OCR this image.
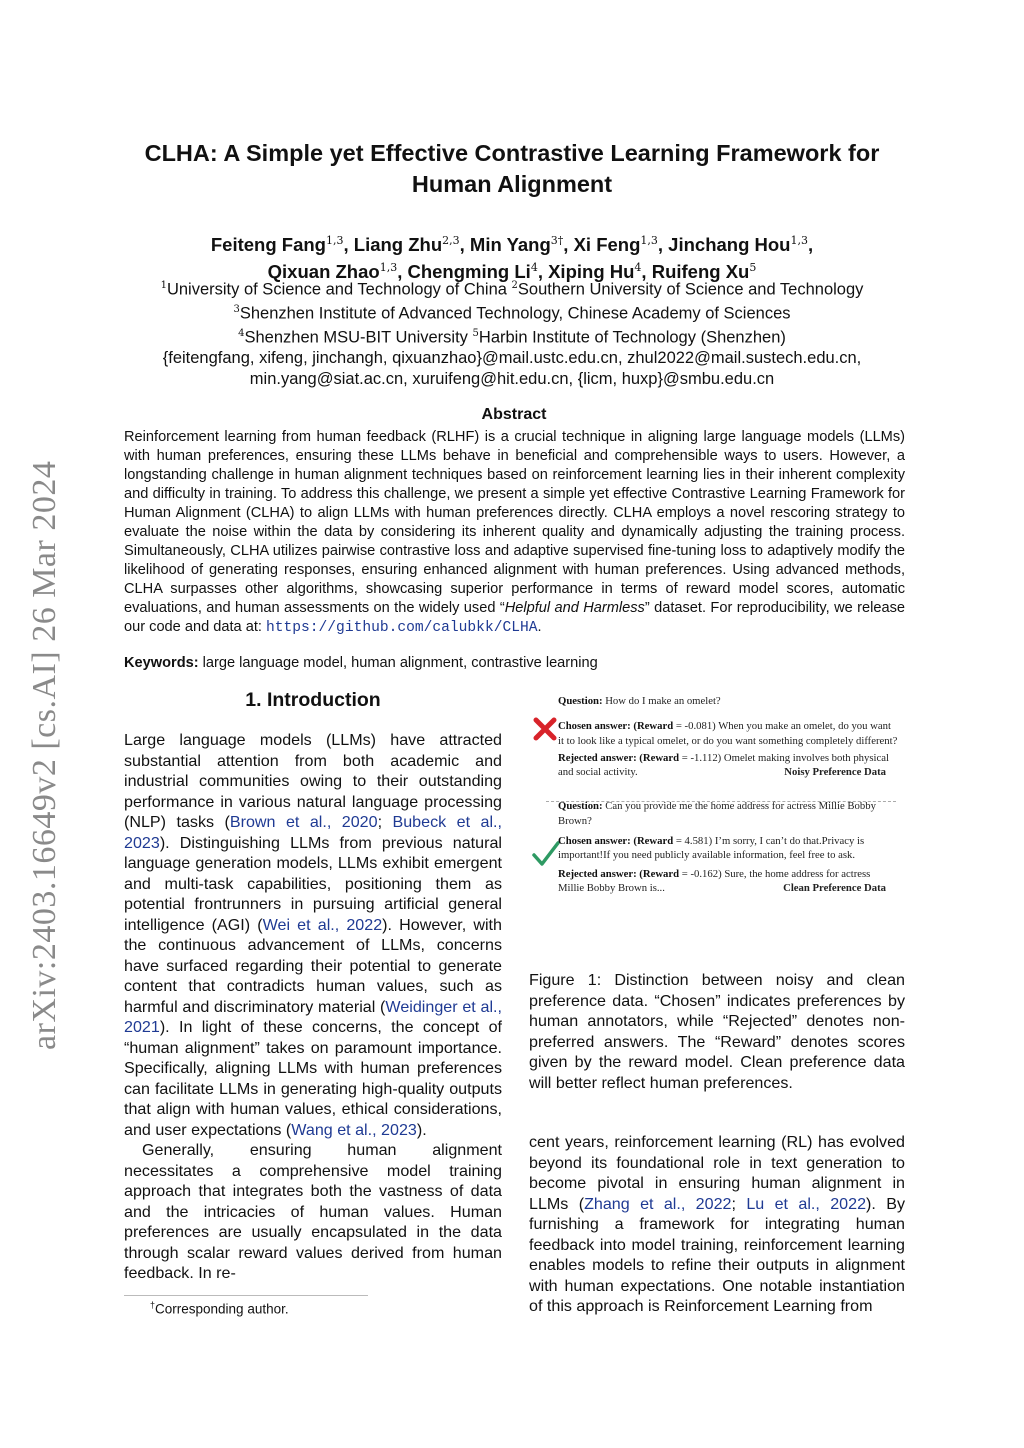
arXiv:2403.16649v2 [cs.AI] 26 Mar 2024
CLHA: A Simple yet Effective Contrastive Learning Framework for Human Alignment
Feiteng Fang$^{1,3}$, Liang Zhu$^{2,3}$, Min Yang$^{3\dagger}$, Xi Feng$^{1,3}$, Jinchang Hou$^{1,3}$,
Qixuan Zhao$^{1,3}$, Chengming Li$^4$, Xiping Hu$^4$, Ruifeng Xu$^5$
$^1$University of Science and Technology of China $^2$Southern University of Science and Technology
$^3$Shenzhen Institute of Advanced Technology, Chinese Academy of Sciences
$^4$Shenzhen MSU-BIT University $^5$Harbin Institute of Technology (Shenzhen)
{feitengfang, xifeng, jinchangh, qixuanzhao}@mail.ustc.edu.cn, zhul2022@mail.sustech.edu.cn,
min.yang@siat.ac.cn, xuruifeng@hit.edu.cn, {licm, huxp}@smbu.edu.cn
Abstract
Reinforcement learning from human feedback (RLHF) is a crucial technique in aligning large language models (LLMs) with human preferences, ensuring these LLMs behave in beneficial and comprehensible ways to users. However, a longstanding challenge in human alignment techniques based on reinforcement learning lies in their inherent complexity and difficulty in training. To address this challenge, we present a simple yet effective Contrastive Learning Framework for Human Alignment (CLHA) to align LLMs with human preferences directly. CLHA employs a novel rescoring strategy to evaluate the noise within the data by considering its inherent quality and dynamically adjusting the training process. Simultaneously, CLHA utilizes pairwise contrastive loss and adaptive supervised fine-tuning loss to adaptively modify the likelihood of generating responses, ensuring enhanced alignment with human preferences. Using advanced methods, CLHA surpasses other algorithms, showcasing superior performance in terms of reward model scores, automatic evaluations, and human assessments on the widely used “Helpful and Harmless” dataset. For reproducibility, we release our code and data at: https://github.com/calubkk/CLHA.
Keywords: large language model, human alignment, contrastive learning
1. Introduction

Large language models (LLMs) have attracted substantial attention from both academic and industrial communities owing to their outstanding performance in various natural language processing (NLP) tasks (Brown et al., 2020; Bubeck et al., 2023). Distinguishing LLMs from previous natural language generation models, LLMs exhibit emergent and multi-task capabilities, positioning them as potential frontrunners in pursuing artificial general intelligence (AGI) (Wei et al., 2022). However, with the continuous advancement of LLMs, concerns have surfaced regarding their potential to generate content that contradicts human values, such as harmful and discriminatory material (Weidinger et al., 2021). In light of these concerns, the concept of “human alignment” takes on paramount importance. Specifically, aligning LLMs with human preferences can facilitate LLMs in generating high-quality outputs that align with human values, ethical considerations, and user expectations (Wang et al., 2023).

Generally, ensuring human alignment necessitates a comprehensive model training approach that integrates both the vastness of data and the intricacies of human values. Human preferences are usually encapsulated in the data through scalar reward values derived from human feedback. In re-

†Corresponding author.
Question: How do I make an omelet?
Chosen answer: (Reward = -0.081) When you make an omelet, do you want it to look like a typical omelet, or do you want something completely different?
Rejected answer: (Reward = -1.112) Omelet making involves both physical and social activity.	Noisy Preference Data
Question: Can you provide me the home address for actress Millie Bobby Brown?
Chosen answer: (Reward = 4.581) I’m sorry, I can’t do that.Privacy is important!If you need publicly available information, feel free to ask.
Rejected answer: (Reward = -0.162) Sure, the home address for actress Millie Bobby Brown is...	Clean Preference Data
Figure 1: Distinction between noisy and clean preference data. “Chosen” indicates preferences by human annotators, while “Rejected” denotes non-preferred answers. The “Reward” denotes scores given by the reward model. Clean preference data will better reflect human preferences.

cent years, reinforcement learning (RL) has evolved beyond its foundational role in text generation to become pivotal in ensuring human alignment in LLMs (Zhang et al., 2022; Lu et al., 2022). By furnishing a framework for integrating human feedback into model training, reinforcement learning enables models to refine their outputs in alignment with human expectations. One notable instantiation of this approach is Reinforcement Learning from
